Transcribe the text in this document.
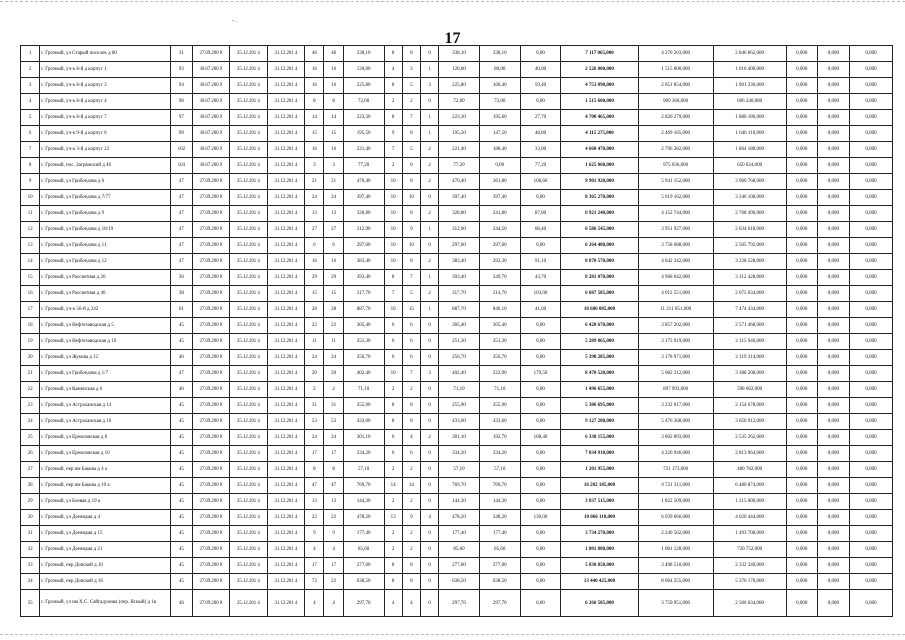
- .
17
1	г. Грозный, ул Старый поселок д 80	31	27.09.200 8	25.12.201 4	31.12.201 4	46	46	338,10	8	8	0	338,10	338,10	0,00	7 117 065,000	4 270 203,000	2 846 862,000	0,000	0,000	0,000
2	г. Грозный, уч-к 8-й д корпус 1	93	30.07.200 9	25.12.201 4	31.12.201 4	16	16	120,00	4	3	1	120,00	80,00	40,00	2 526 000,000	1 515 600,000	1 010 400,000	0,000	0,000	0,000
3	г. Грозный, уч-к 8-й д корпус 3	94	30.07.200 9	25.12.201 4	31.12.201 4	16	16	225,80	8	5	3	225,80	166,40	59,40	4 753 090,000	2 851 854,000	1 901 236,000	0,000	0,000	0,000
4	г. Грозный, уч-к 8-й д корпус 4	96	30.07.200 9	25.12.201 4	31.12.201 4	8	8	72,00	2	2	0	72,00	72,00	0,00	1 515 600,000	909 360,000	606 240,000	0,000	0,000	0,000
5	г. Грозный, уч-к 8-й д корпус 7	97	30.07.200 9	25.12.201 4	31.12.201 4	14	14	223,30	8	7	1	223,30	195,60	27,70	4 700 465,000	2 820 279,000	1 880 186,000	0,000	0,000	0,000
6	г. Грозный, уч-к 9-й д корпус 6	99	30.07.200 9	25.12.201 4	31.12.201 4	15	15	195,50	9	8	1	195,50	147,50	48,00	4 115 275,000	2 469 165,000	1 646 110,000	0,000	0,000	0,000
7	г. Грозный, уч-к 3-й д корпус 22	102	30.07.200 9	25.12.201 4	31.12.201 4	16	16	221,40	7	5	2	221,40	188,40	33,00	4 660 470,000	2 796 282,000	1 864 188,000	0,000	0,000	0,000
8	г. Грозный, пос. Загряжский д 46	103	30.07.200 9	25.12.201 4	31.12.201 4	3	3	77,20	2	0	2	77,20	0,00	77,20	1 625 060,000	975 036,000	650 024,000	0,000	0,000	0,000
9	г. Грозный, ул Грибоедова д 6	47	27.09.200 8	25.12.201 4	31.12.201 4	21	21	470,40	10	8	2	470,40	361,80	108,60	9 901 920,000	5 941 152,000	3 960 768,000	0,000	0,000	0,000
10	г. Грозный, ул Грибоедова д 7/77	47	27.09.200 8	25.12.201 4	31.12.201 4	24	24	397,40	10	10	0	397,40	397,40	0,00	8 365 270,000	5 019 162,000	3 346 108,000	0,000	0,000	0,000
11	г. Грозный, ул Грибоедова д 9	47	27.09.200 8	25.12.201 4	31.12.201 4	13	13	328,80	10	8	2	328,80	241,80	87,00	6 921 240,000	4 152 744,000	2 768 496,000	0,000	0,000	0,000
12	г. Грозный, ул Грибоедова д 10/19	47	27.09.200 8	25.12.201 4	31.12.201 4	27	27	312,90	10	9	1	312,90	244,50	68,40	6 586 545,000	3 951 927,000	2 634 618,000	0,000	0,000	0,000
13	г. Грозный, ул Грибоедова д 11	47	27.09.200 8	25.12.201 4	31.12.201 4	6	6	297,60	10	10	0	297,60	297,60	0,00	6 264 480,000	3 758 688,000	2 505 792,000	0,000	0,000	0,000
14	г. Грозный, ул Грибоедова д 12	47	27.09.200 8	25.12.201 4	31.12.201 4	16	16	383,40	10	8	2	383,40	292,30	91,10	8 070 570,000	4 842 342,000	3 228 228,000	0,000	0,000	0,000
15	г. Грозный, ул Рассветная д 26	36	27.09.200 8	25.12.201 4	31.12.201 4	29	29	393,40	8	7	1	393,40	349,70	43,70	8 281 070,000	4 968 642,000	3 312 428,000	0,000	0,000	0,000
16	г. Грозный, ул Рассветная д 40	38	27.09.200 8	25.12.201 4	31.12.201 4	15	15	317,70	7	5	2	317,70	214,70	103,00	6 687 585,000	4 012 551,000	2 675 034,000	0,000	0,000	0,000
17	г. Грозный, уч-к 56-й д 242	61	27.09.200 8	25.12.201 4	31.12.201 4	28	28	887,70	16	15	1	887,70	846,10	41,60	18 686 085,000	11 211 651,000	7 474 434,000	0,000	0,000	0,000
18	г. Грозный, ул Нефтезаводская д 5	45	27.09.200 8	25.12.201 4	31.12.201 4	22	22	305,40	6	6	0	305,40	305,40	0,00	6 428 670,000	3 857 202,000	2 571 468,000	0,000	0,000	0,000
19	г. Грозный, ул Нефтезаводская д 10	45	27.09.200 8	25.12.201 4	31.12.201 4	11	11	251,30	6	6	0	251,30	251,30	0,00	5 289 865,000	3 173 919,000	2 115 946,000	0,000	0,000	0,000
20	г. Грозный, ул Жукова д 12	46	27.09.200 8	25.12.201 4	31.12.201 4	24	24	256,70	6	6	0	256,70	256,70	0,00	5 398 285,000	3 178 971,000	2 119 314,000	0,000	0,000	0,000
21	г. Грозный, ул Грибоедова д 1/7	47	27.09.200 8	25.12.201 4	31.12.201 4	20	20	402,40	10	7	3	402,40	222,90	179,50	8 470 520,000	5 082 312,000	3 388 208,000	0,000	0,000	0,000
22	г. Грозный, ул Каменская д 6	46	27.09.200 8	25.12.201 4	31.12.201 4	2	2	71,10	2	2	0	71,10	71,10	0,00	1 496 655,000	897 993,000	598 662,000	0,000	0,000	0,000
23	г. Грозный, ул Астраханская д 14	45	27.09.200 8	25.12.201 4	31.12.201 4	31	31	255,90	8	8	0	255,90	255,90	0,00	5 386 695,000	3 232 017,000	2 154 678,000	0,000	0,000	0,000
24	г. Грозный, ул Астраханская д 16	45	27.09.200 8	25.12.201 4	31.12.201 4	53	53	433,60	8	8	0	433,60	433,60	0,00	9 127 280,000	5 476 368,000	3 650 912,000	0,000	0,000	0,000
25	г. Грозный, ул Ермоловская д 8	45	27.09.200 8	25.12.201 4	31.12.201 4	24	24	301,10	6	4	2	301,10	192,70	108,40	6 338 155,000	3 802 893,000	2 535 262,000	0,000	0,000	0,000
26	г. Грозный, ул Ермоловская д 10	45	27.09.200 8	25.12.201 4	31.12.201 4	17	17	334,20	6	6	0	334,20	334,20	0,00	7 034 910,000	4 220 946,000	2 813 964,000	0,000	0,000	0,000
27	г. Грозный, пер им Бакова д 4 а	45	27.09.200 8	25.12.201 4	31.12.201 4	8	8	57,10	2	2	0	57,10	57,10	0,00	1 201 955,000	721 173,000	480 782,000	0,000	0,000	0,000
28	г. Грозный, пер им Бакова д 10 а	45	27.09.200 8	25.12.201 4	31.12.201 4	47	47	769,70	14	14	0	769,70	769,70	0,00	16 202 185,000	9 721 311,000	6 480 874,000	0,000	0,000	0,000
29	г. Грозный, ул Боевая д 19 а	45	27.09.200 8	25.12.201 4	31.12.201 4	13	13	144,30	2	2	0	144,30	144,30	0,00	3 037 515,000	1 822 509,000	1 215 006,000	0,000	0,000	0,000
30	г. Грозный, ул Донецкая д 4	45	27.09.200 8	25.12.201 4	31.12.201 4	22	22	478,20	13	9	4	478,20	348,20	130,00	10 066 110,000	6 039 666,000	4 026 444,000	0,000	0,000	0,000
31	г. Грозный, ул Донецкая д 15	45	27.09.200 8	25.12.201 4	31.12.201 4	9	9	177,40	2	2	0	177,40	177,40	0,00	3 734 270,000	2 240 562,000	1 493 708,000	0,000	0,000	0,000
32	г. Грозный, ул Донецкая д 21	45	27.09.200 8	25.12.201 4	31.12.201 4	4	4	85,60	2	2	0	85,60	85,60	0,00	1 801 880,000	1 081 128,000	720 752,000	0,000	0,000	0,000
33	г. Грозный, пер Донской д 10	45	27.09.200 8	25.12.201 4	31.12.201 4	17	17	277,00	8	8	0	277,00	277,00	0,00	5 830 850,000	3 498 510,000	2 332 340,000	0,000	0,000	0,000
34	г. Грозный, пер Донской д 16	45	27.09.200 8	25.12.201 4	31.12.201 4	72	22	638,50	8	8	0	638,50	638,50	0,00	13 440 425,000	8 064 255,000	5 376 170,000	0,000	0,000	0,000
35	г. Грозный, ул им Х.С. Сайгадумова (пер. Ясный) д 1в	46	27.09.200 8	25.12.201 4	31.12.201 4	4	4	297,70	4	4	0	297,70	297,70	0,00	6 266 585,000	3 759 951,000	2 506 634,000	0,000	0,000	0,000
